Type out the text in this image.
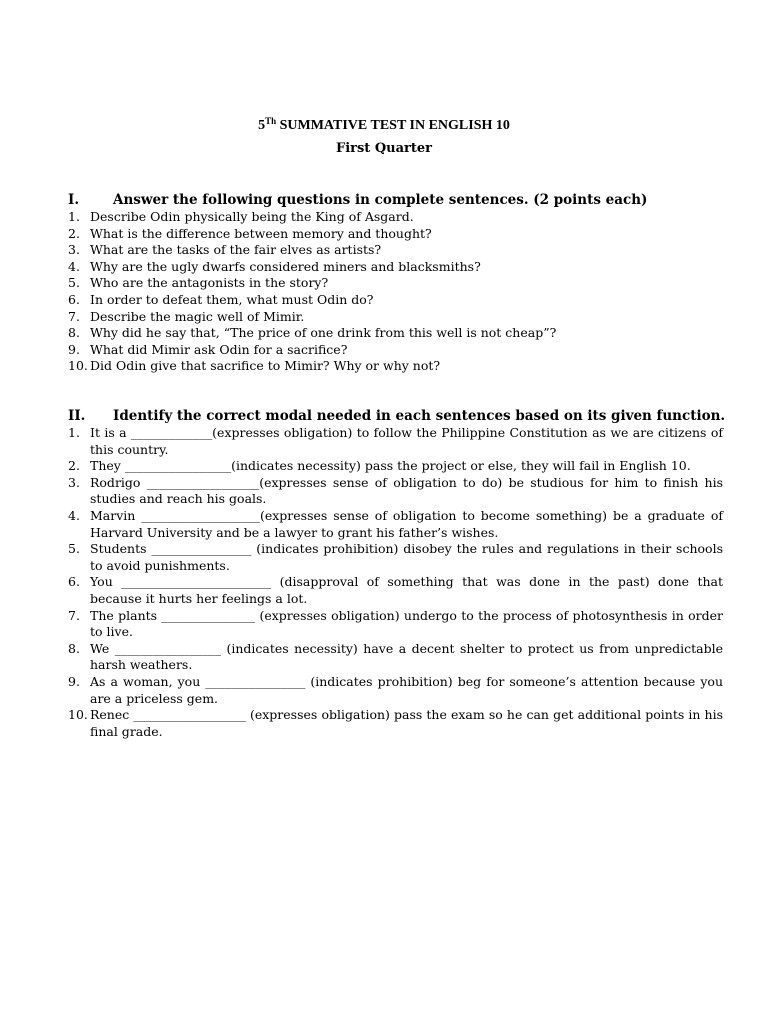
5Th SUMMATIVE TEST IN ENGLISH 10
First Quarter
I.	Answer the following questions in complete sentences. (2 points each)
1. Describe Odin physically being the King of Asgard.
2. What is the difference between memory and thought?
3. What are the tasks of the fair elves as artists?
4. Why are the ugly dwarfs considered miners and blacksmiths?
5. Who are the antagonists in the story?
6. In order to defeat them, what must Odin do?
7. Describe the magic well of Mimir.
8. Why did he say that, “The price of one drink from this well is not cheap”?
9. What did Mimir ask Odin for a sacrifice?
10. Did Odin give that sacrifice to Mimir? Why or why not?
II. Identify the correct modal needed in each sentences based on its given function.
1. It is a _____________(expresses obligation) to follow the Philippine Constitution as we are citizens of this country.
2. They _________________(indicates necessity) pass the project or else, they will fail in English 10.
3. Rodrigo __________________(expresses sense of obligation to do) be studious for him to finish his studies and reach his goals.
4. Marvin ___________________(expresses sense of obligation to become something) be a graduate of Harvard University and be a lawyer to grant his father’s wishes.
5. Students ________________ (indicates prohibition) disobey the rules and regulations in their schools to avoid punishments.
6. You ________________________ (disapproval of something that was done in the past) done that because it hurts her feelings a lot.
7. The plants _______________ (expresses obligation) undergo to the process of photosynthesis in order to live.
8. We _________________ (indicates necessity) have a decent shelter to protect us from unpredictable harsh weathers.
9. As a woman, you ________________ (indicates prohibition) beg for someone’s attention because you are a priceless gem.
10. Renec __________________ (expresses obligation) pass the exam so he can get additional points in his final grade.
